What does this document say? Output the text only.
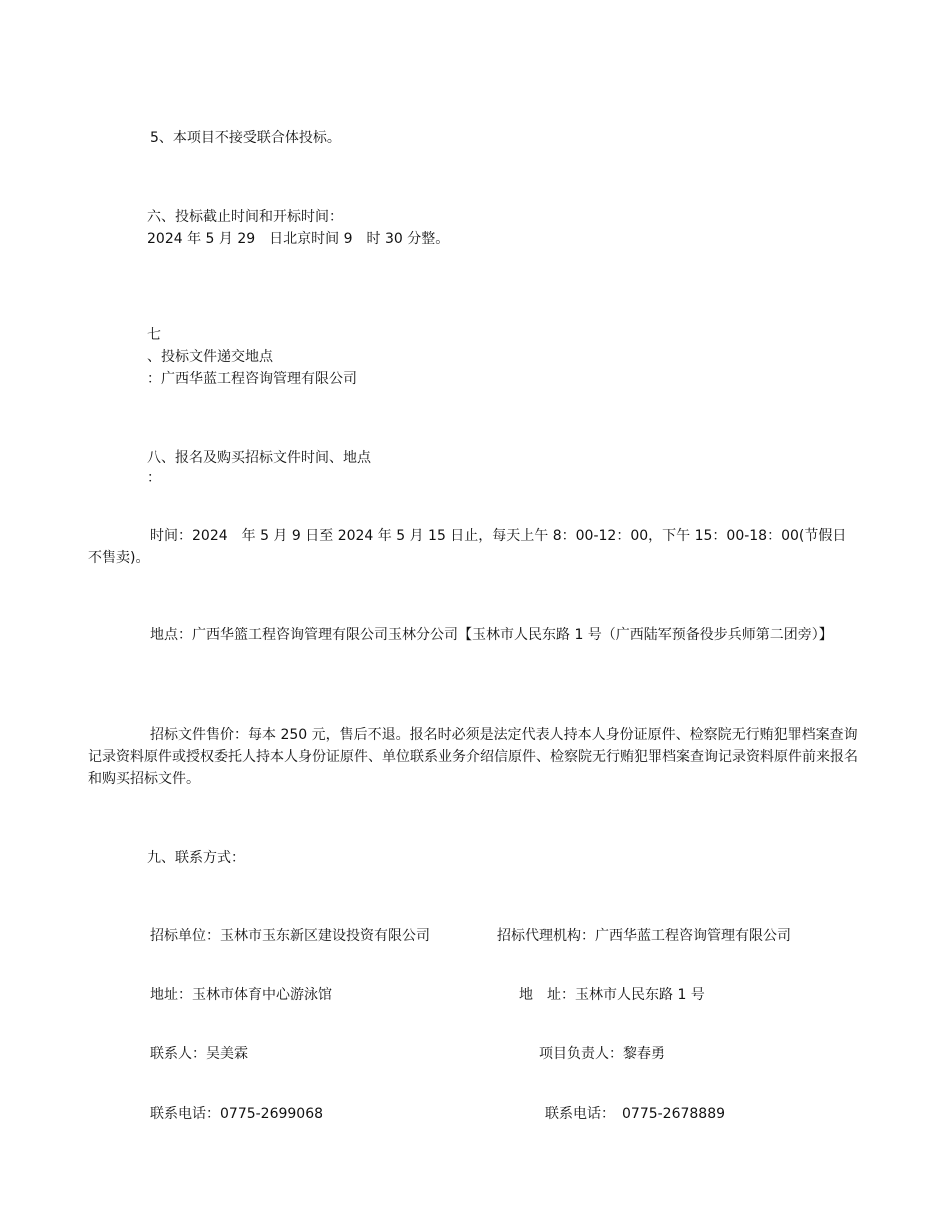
5、本项目不接受联合体投标。
六、投标截止时间和开标时间：
2024 年 5 月 29　日北京时间 9　时 30 分整。
七
、投标文件递交地点
：广西华蓝工程咨询管理有限公司
八、报名及购买招标文件时间、地点
：
时间：2024　年 5 月 9 日至 2024 年 5 月 15 日止，每天上午 8：00-12：00，下午 15：00-18：00(节假日不售卖)。
地点：广西华篮工程咨询管理有限公司玉林分公司【玉林市人民东路 1 号（广西陆军预备役步兵师第二团旁）】
招标文件售价：每本 250 元，售后不退。报名时必须是法定代表人持本人身份证原件、检察院无行贿犯罪档案查询记录资料原件或授权委托人持本人身份证原件、单位联系业务介绍信原件、检察院无行贿犯罪档案查询记录资料原件前来报名和购买招标文件。
九、联系方式：
招标单位：玉林市玉东新区建设投资有限公司	招标代理机构：广西华蓝工程咨询管理有限公司
地址：玉林市体育中心游泳馆	地　址：玉林市人民东路 1 号
联系人：吴美霖	项目负责人：黎春勇
联系电话：0775-2699068	联系电话：　0775-2678889
